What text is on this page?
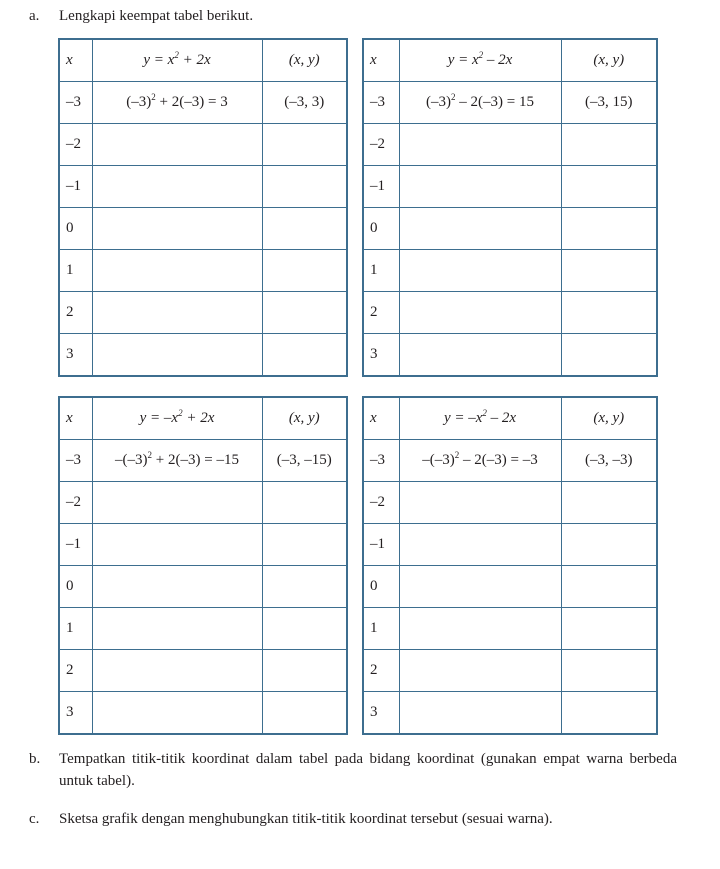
a. Lengkapi keempat tabel berikut.
x	$y = x^2 + 2x$	(x, y)
–3	$(-3)^2 + 2(-3) = 3$	(–3, 3)
–2		
–1		
0		
1		
2		
3		
x	$y = x^2 - 2x$	(x, y)
–3	$(-3)^2 - 2(-3) = 15$	(–3, 15)
–2		
–1		
0		
1		
2		
3		
x	$y = -x^2 + 2x$	(x, y)
–3	$-(-3)^2 + 2(-3) = -15$	(–3, –15)
–2		
–1		
0		
1		
2		
3		
x	$y = -x^2 - 2x$	(x, y)
–3	$-(-3)^2 - 2(-3) = -3$	(–3, –3)
–2		
–1		
0		
1		
2		
3		
b. Tempatkan titik-titik koordinat dalam tabel pada bidang koordinat (gunakan empat warna berbeda untuk tabel).
c. Sketsa grafik dengan menghubungkan titik-titik koordinat tersebut (sesuai warna).
